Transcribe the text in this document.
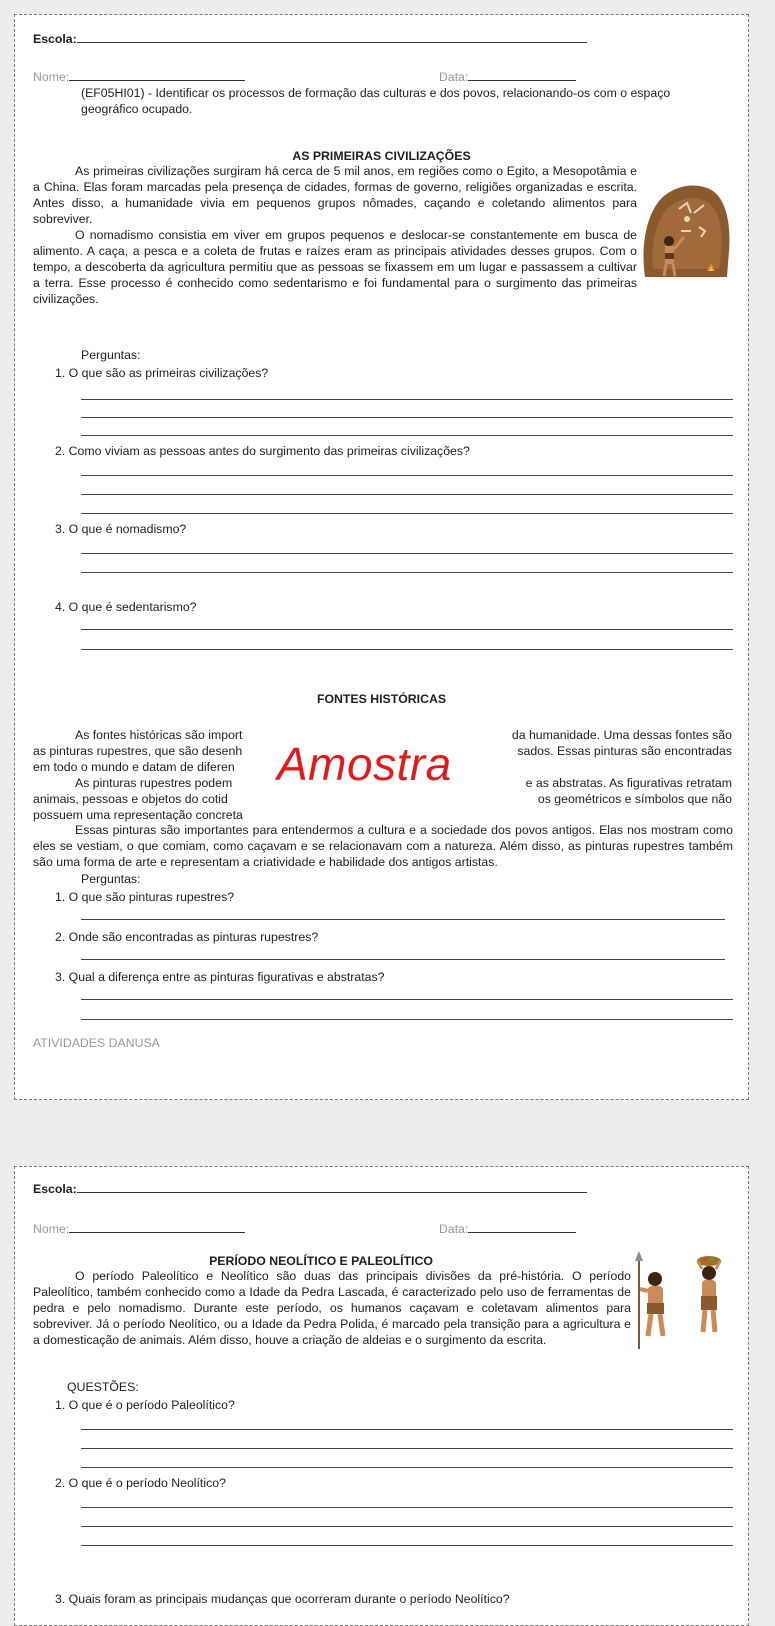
Escola:
Nome:	Data:
(EF05HI01) - Identificar os processos de formação das culturas e dos povos, relacionando-os com o espaço
geográfico ocupado.
AS PRIMEIRAS CIVILIZAÇÕES
As primeiras civilizações surgiram há cerca de 5 mil anos, em regiões como o Egito, a Mesopotâmia e a China. Elas foram marcadas pela presença de cidades, formas de governo, religiões organizadas e escrita. Antes disso, a humanidade vivia em pequenos grupos nômades, caçando e coletando alimentos para sobreviver.
O nomadismo consistia em viver em grupos pequenos e deslocar-se constantemente em busca de alimento. A caça, a pesca e a coleta de frutas e raízes eram as principais atividades desses grupos. Com o tempo, a descoberta da agricultura permitiu que as pessoas se fixassem em um lugar e passassem a cultivar a terra. Esse processo é conhecido como sedentarismo e foi fundamental para o surgimento das primeiras civilizações.
Perguntas:
1. O que são as primeiras civilizações?
2. Como viviam as pessoas antes do surgimento das primeiras civilizações?
3. O que é nomadismo?
4. O que é sedentarismo?
FONTES HISTÓRICAS
As fontes históricas são import	da humanidade. Uma dessas fontes são
as pinturas rupestres, que são desenh	sados. Essas pinturas são encontradas
em todo o mundo e datam de diferen
As pinturas rupestres podem	e as abstratas. As figurativas retratam
animais, pessoas e objetos do cotid	os geométricos e símbolos que não
possuem uma representação concreta
Amostra
Essas pinturas são importantes para entendermos a cultura e a sociedade dos povos antigos. Elas nos mostram como eles se vestiam, o que comiam, como caçavam e se relacionavam com a natureza. Além disso, as pinturas rupestres também são uma forma de arte e representam a criatividade e habilidade dos antigos artistas.
Perguntas:
1. O que são pinturas rupestres?
2. Onde são encontradas as pinturas rupestres?
3. Qual a diferença entre as pinturas figurativas e abstratas?
ATIVIDADES DANUSA
Escola:
Nome:	Data:
PERÍODO NEOLÍTICO E PALEOLÍTICO
O período Paleolítico e Neolítico são duas das principais divisões da pré-história. O período Paleolítico, também conhecido como a Idade da Pedra Lascada, é caracterizado pelo uso de ferramentas de pedra e pelo nomadismo. Durante este período, os humanos caçavam e coletavam alimentos para sobreviver. Já o período Neolítico, ou a Idade da Pedra Polida, é marcado pela transição para a agricultura e a domesticação de animais. Além disso, houve a criação de aldeias e o surgimento da escrita.
QUESTÕES:
1. O que é o período Paleolítico?
2. O que é o período Neolítico?
3. Quais foram as principais mudanças que ocorreram durante o período Neolítico?
